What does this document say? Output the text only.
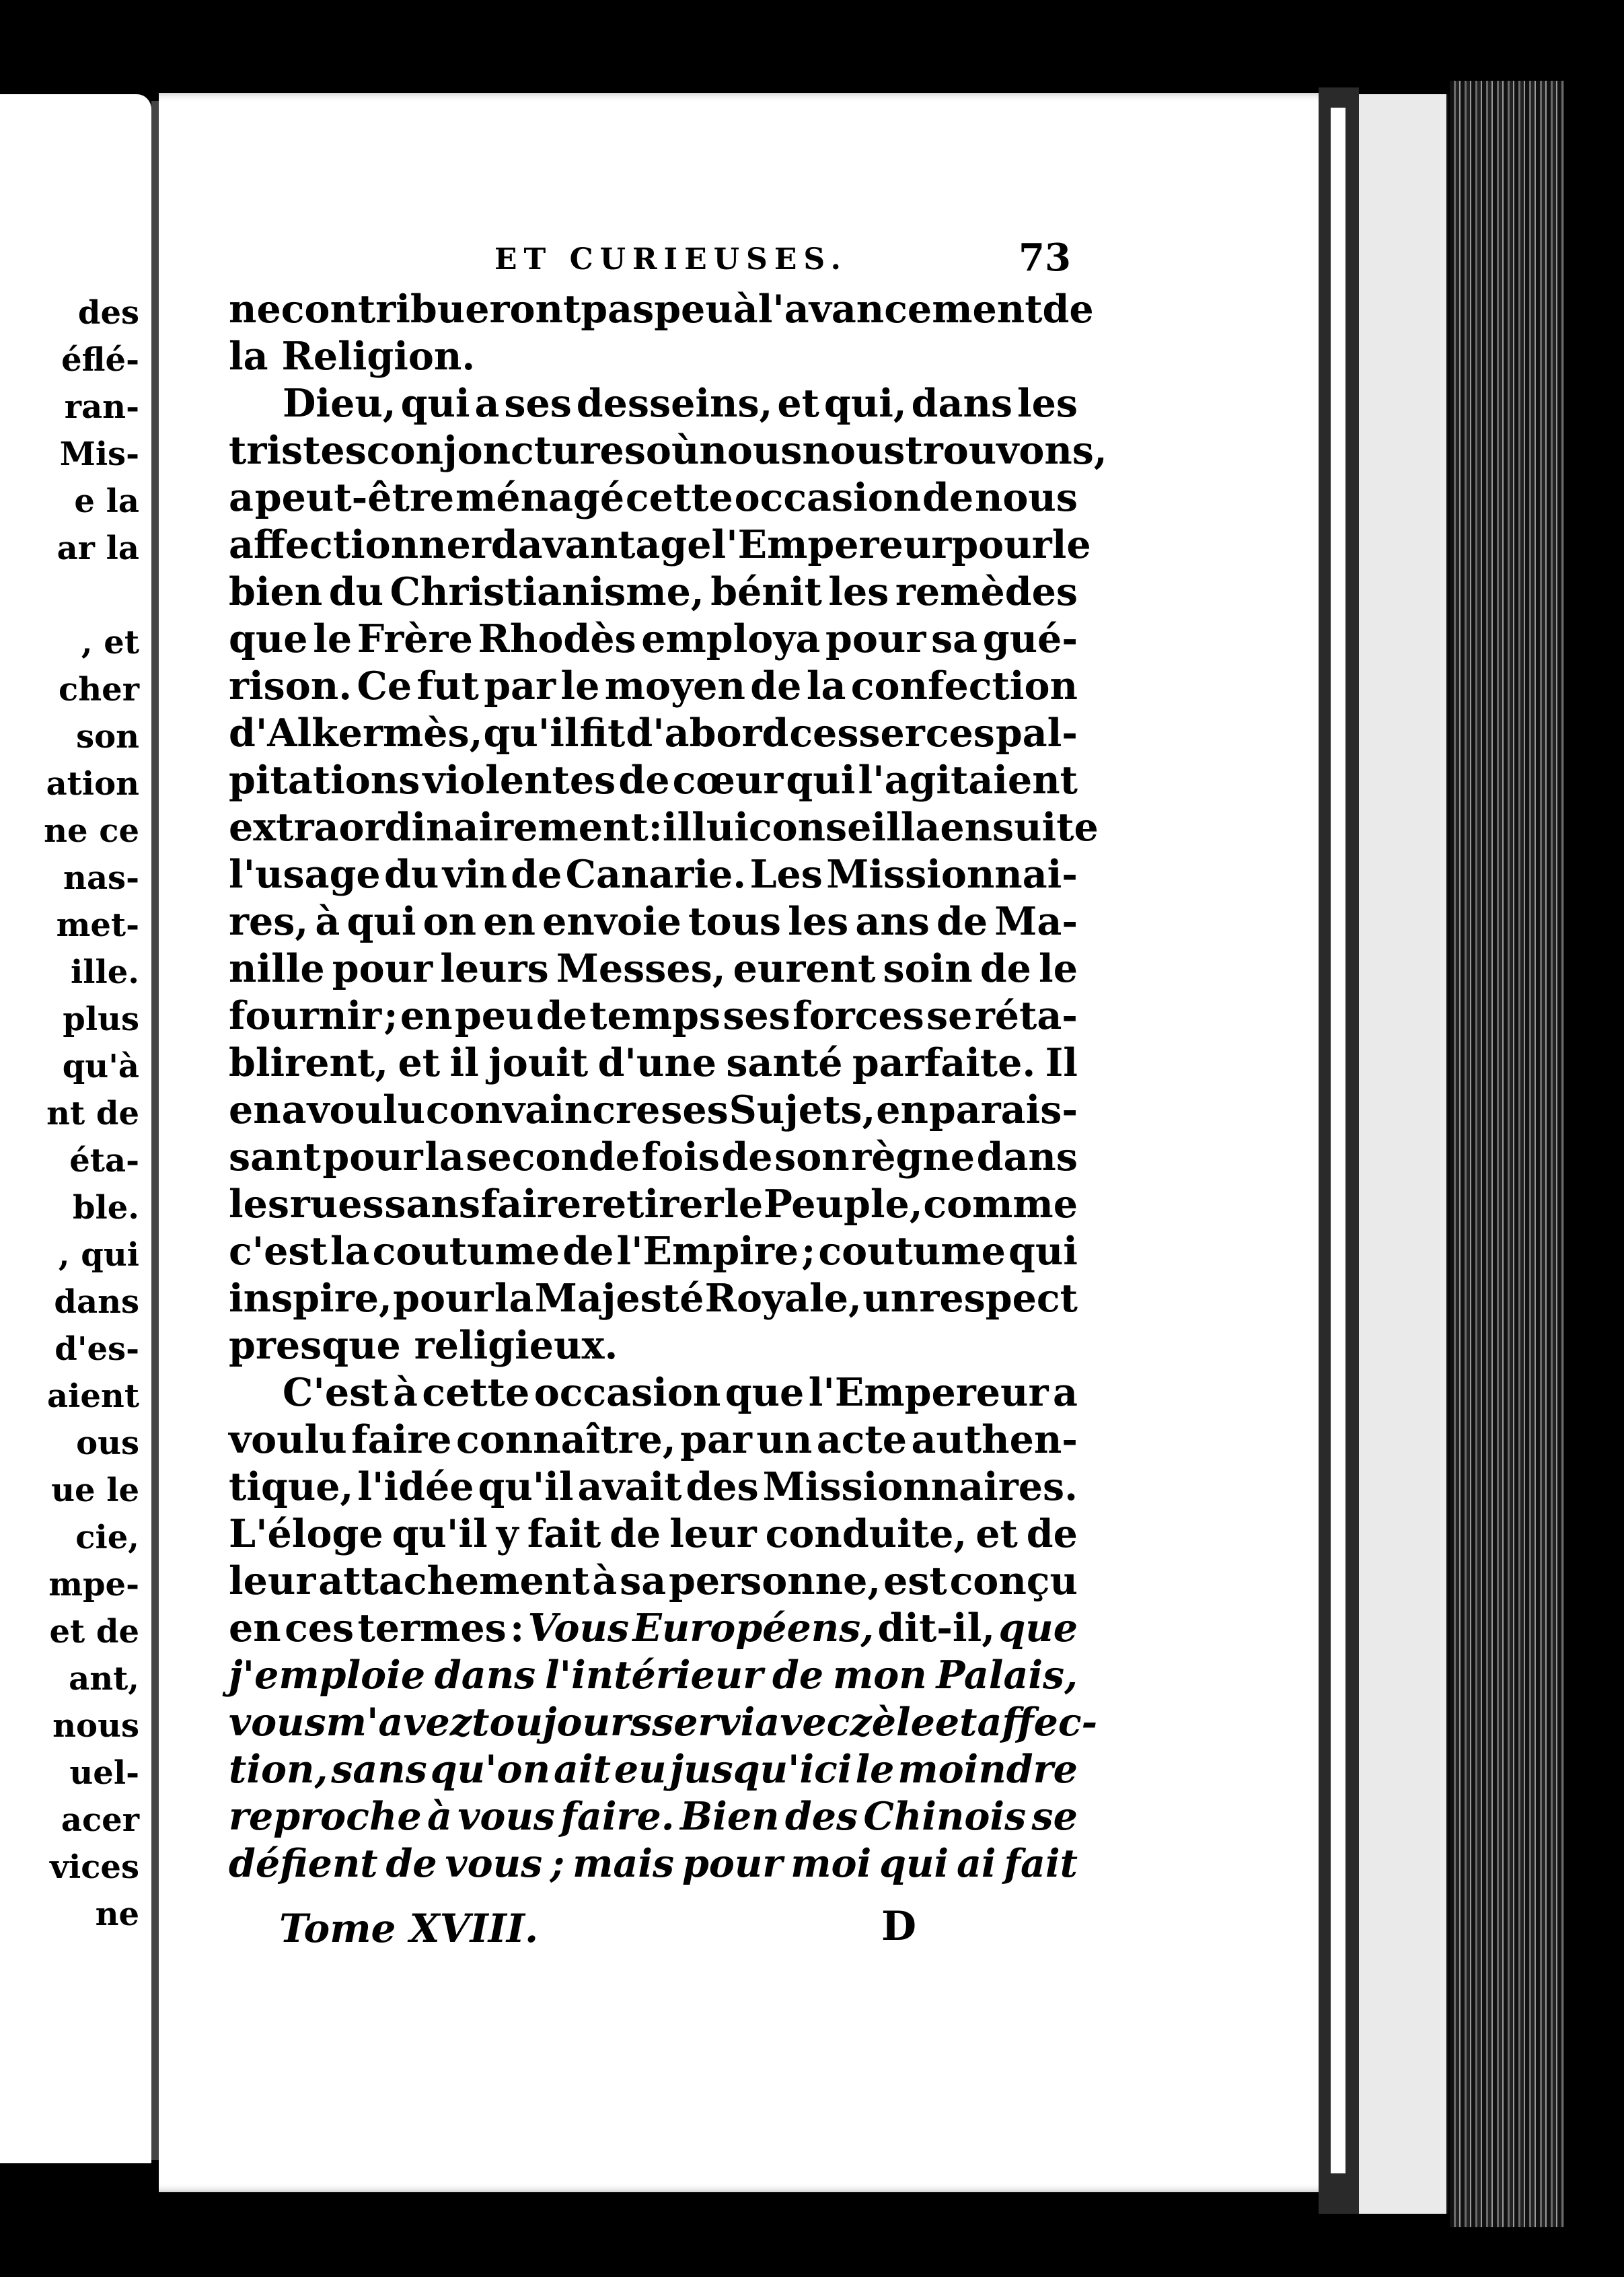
des
éflé-
ran-
Mis-
e la
ar la
, et
cher
son
ation
ne ce
nas-
met-
ille.
plus
qu'à
nt de
éta-
ble.
, qui
dans
d'es-
aient
ous
ue le
cie,
mpe-
et de
ant,
nous
uel-
acer
vices
ne
ET CURIEUSES.	73
ne contribueront pas peu à l'avancement de
la
Religion.
Dieu, qui a ses desseins, et qui, dans les
tristes conjonctures où nous nous trouvons,
a peut-être ménagé cette occasion de nous
affectionner davantage l'Empereur pour le
bien du Christianisme, bénit les remèdes
que le Frère Rhodès employa pour sa gué-
rison. Ce fut par le moyen de la confection
d'Alkermès, qu'il fit d'abord cesser ces pal-
pitations violentes de cœur qui l'agitaient
extraordinairement : il lui conseilla ensuite
l'usage du vin de Canarie. Les Missionnai-
res, à qui on en envoie tous les ans de Ma-
nille pour leurs Messes, eurent soin de le
fournir ; en peu de temps ses forces se réta-
blirent, et il jouit d'une santé parfaite. Il
en a voulu convaincre ses Sujets, en parais-
sant pour la seconde fois de son règne dans
les rues sans faire retirer le Peuple, comme
c'est la coutume de l'Empire ; coutume qui
inspire, pour la Majesté Royale, un respect
presque
religieux.
C'est à cette occasion que l'Empereur a
voulu faire connaître, par un acte authen-
tique, l'idée qu'il avait des Missionnaires.
L'éloge qu'il y fait de leur conduite, et de
leur attachement à sa personne, est conçu
en ces termes : Vous Européens, dit-il, que
j'emploie dans l'intérieur de mon Palais,
vous m'avez toujours servi avec zèle et affec-
tion, sans qu'on ait eu jusqu'ici le moindre
reproche à vous faire. Bien des Chinois se
défient de vous ; mais pour moi qui ai fait
Tome XVIII.	D
